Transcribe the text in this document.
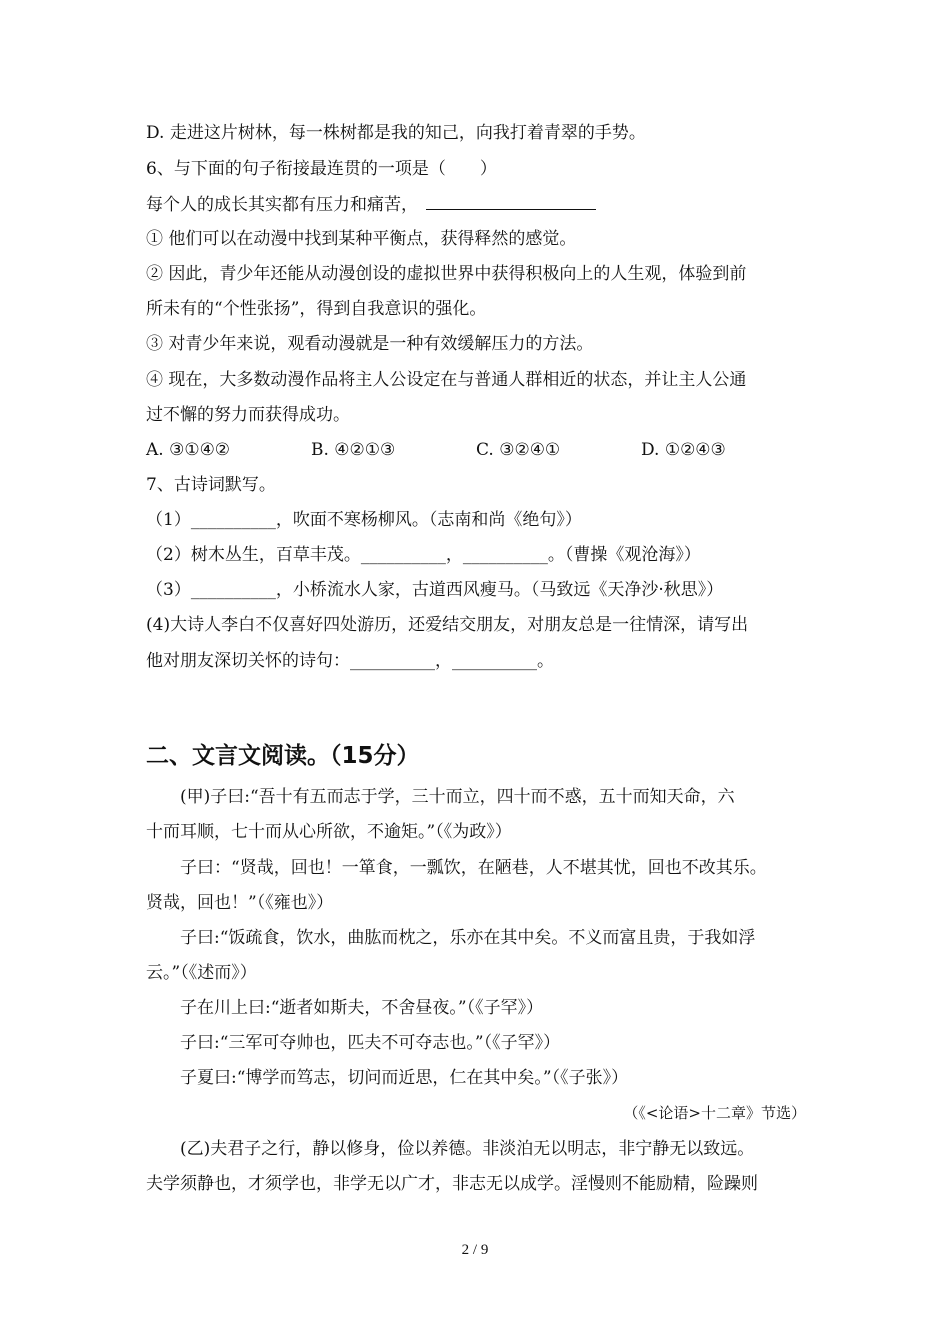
D. 走进这片树林，每一株树都是我的知己，向我打着青翠的手势。
6、与下面的句子衔接最连贯的一项是（　　）
每个人的成长其实都有压力和痛苦，
① 他们可以在动漫中找到某种平衡点，获得释然的感觉。
② 因此，青少年还能从动漫创设的虚拟世界中获得积极向上的人生观，体验到前
所未有的“个性张扬”，得到自我意识的强化。
③ 对青少年来说，观看动漫就是一种有效缓解压力的方法。
④ 现在，大多数动漫作品将主人公设定在与普通人群相近的状态，并让主人公通
过不懈的努力而获得成功。
A. ③①④②	B. ④②①③	C. ③②④①	D. ①②④③
7、古诗词默写。
（1）__________，吹面不寒杨柳风。（志南和尚《绝句》）
（2）树木丛生，百草丰茂。__________，__________。（曹操《观沧海》）
（3）__________，小桥流水人家，古道西风瘦马。（马致远《天净沙·秋思》）
(4)大诗人李白不仅喜好四处游历，还爱结交朋友，对朋友总是一往情深，请写出
他对朋友深切关怀的诗句：__________，__________。
二、文言文阅读。（15分）
(甲)子曰:“吾十有五而志于学，三十而立，四十而不惑，五十而知天命，六
十而耳顺，七十而从心所欲，不逾矩。”（《为政》）
子曰：“贤哉，回也！一箪食，一瓢饮，在陋巷，人不堪其忧，回也不改其乐。
贤哉，回也！”（《雍也》）
子曰:“饭疏食，饮水，曲肱而枕之，乐亦在其中矣。不义而富且贵，于我如浮
云。”（《述而》）
子在川上曰:“逝者如斯夫，不舍昼夜。”（《子罕》）
子曰:“三军可夺帅也，匹夫不可夺志也。”（《子罕》）
子夏曰:“博学而笃志，切问而近思，仁在其中矣。”（《子张》）
（《<论语>十二章》节选）
(乙)夫君子之行，静以修身，俭以养德。非淡泊无以明志，非宁静无以致远。
夫学须静也，才须学也，非学无以广才，非志无以成学。淫慢则不能励精，险躁则
2 / 9
